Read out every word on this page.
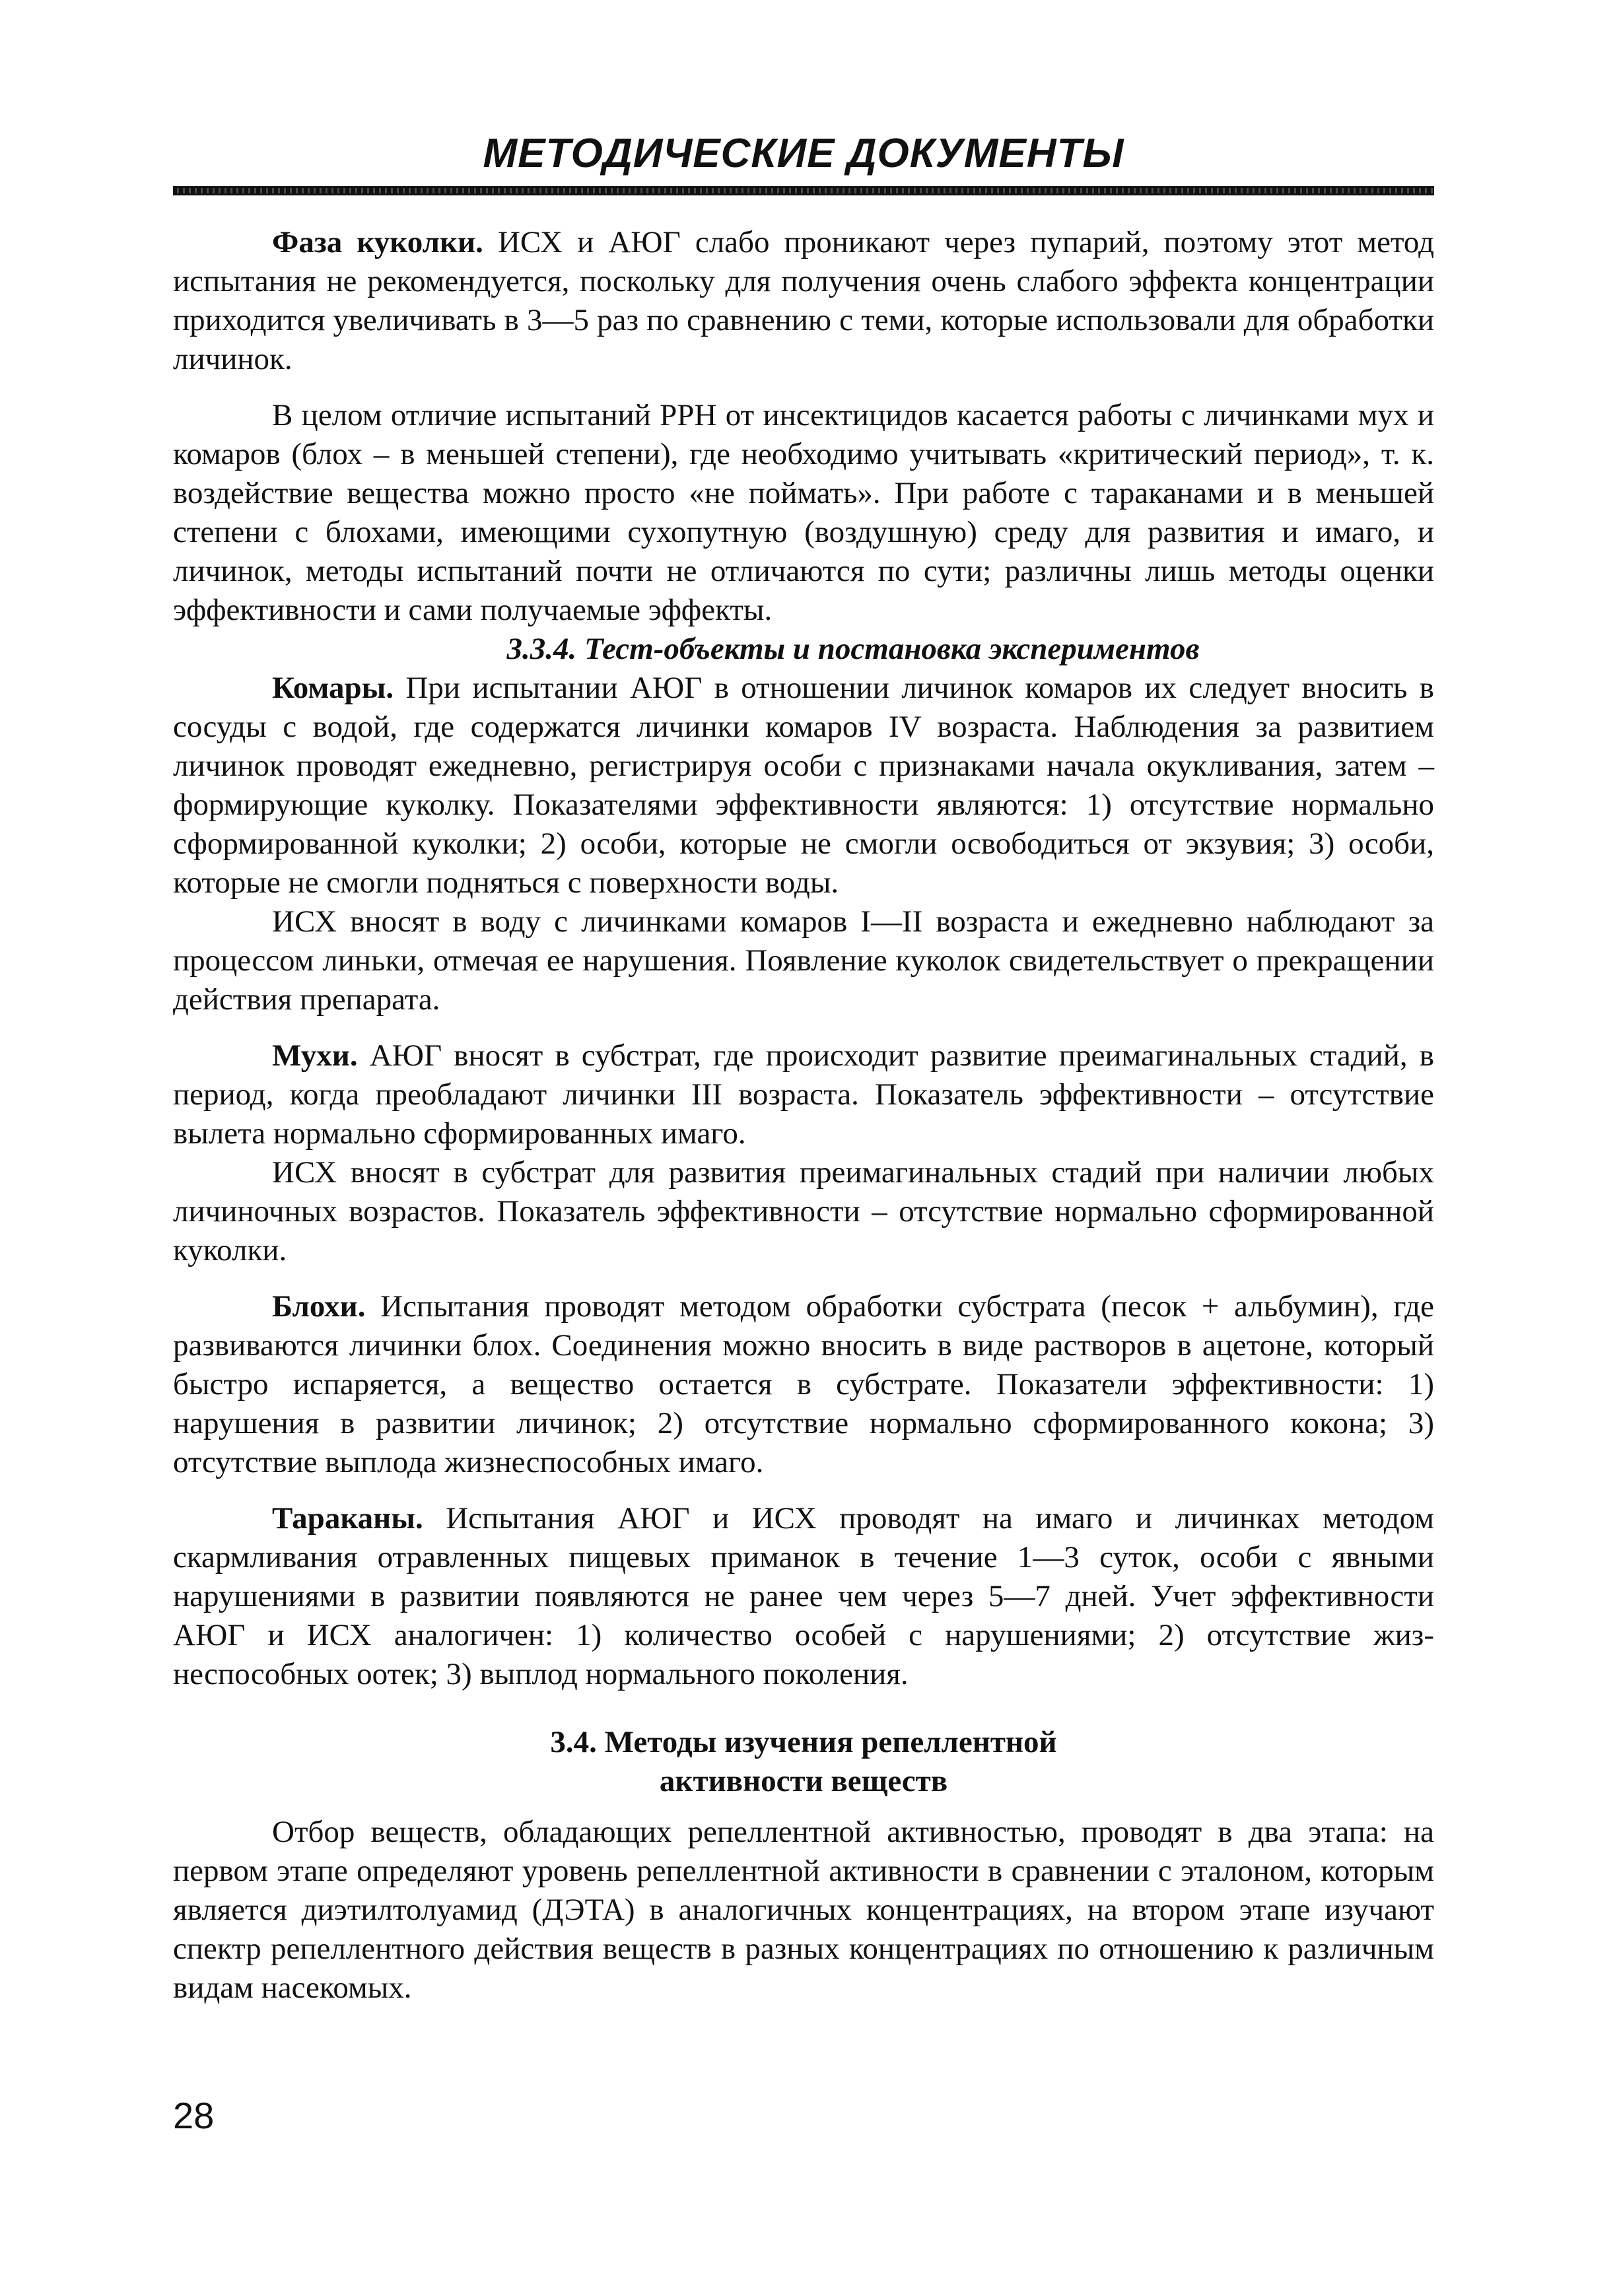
МЕТОДИЧЕСКИЕ ДОКУМЕНТЫ

Фаза куколки. ИСХ и АЮГ слабо проникают через пупарий, поэтому этот метод испытания не рекомендуется, поскольку для получения очень слабого эффекта концентрации приходится увеличивать в 3—5 раз по сравнению с теми, которые использовали для обработки личинок.

В целом отличие испытаний РРН от инсектицидов касается работы с личинками мух и комаров (блох – в меньшей степени), где необходимо учитывать «критический период», т. к. воздействие вещества можно просто «не поймать». При работе с тараканами и в меньшей степени с блохами, имеющими сухопутную (воздушную) среду для развития и имаго, и личинок, методы испытаний почти не отличаются по сути; различны лишь методы оценки эффективности и сами получаемые эффекты.

3.3.4. Тест-объекты и постановка экспериментов

Комары. При испытании АЮГ в отношении личинок комаров их следует вносить в сосуды с водой, где содержатся личинки комаров IV возраста. Наблюдения за развитием личинок проводят ежедневно, регистрируя особи с признаками начала окукливания, затем – формирующие куколку. Показателями эффективности являются: 1) отсутствие нормально сформированной куколки; 2) особи, которые не смогли освободиться от экзувия; 3) особи, которые не смогли подняться с поверхности воды.

ИСХ вносят в воду с личинками комаров I—II возраста и ежедневно наблюдают за процессом линьки, отмечая ее нарушения. Появление куколок свидетельствует о прекращении действия препарата.

Мухи. АЮГ вносят в субстрат, где происходит развитие преимагинальных стадий, в период, когда преобладают личинки III возраста. Показатель эффективности – отсутствие вылета нормально сформированных имаго.

ИСХ вносят в субстрат для развития преимагинальных стадий при наличии любых личиночных возрастов. Показатель эффективности – отсутствие нормально сформированной куколки.

Блохи. Испытания проводят методом обработки субстрата (песок + альбумин), где развиваются личинки блох. Соединения можно вносить в виде растворов в ацетоне, который быстро испаряется, а вещество остается в субстрате. Показатели эффективности: 1) нарушения в развитии личинок; 2) отсутствие нормально сформированного кокона; 3) отсутствие выплода жизнеспособных имаго.

Тараканы. Испытания АЮГ и ИСХ проводят на имаго и личинках методом скармливания отравленных пищевых приманок в течение 1—3 суток, особи с явными нарушениями в развитии появляются не ранее чем через 5—7 дней. Учет эффективности АЮГ и ИСХ аналогичен: 1) количество особей с нарушениями; 2) отсутствие жизнеспособных оотек; 3) выплод нормального поколения.

3.4. Методы изучения репеллентной
активности веществ

Отбор веществ, обладающих репеллентной активностью, проводят в два этапа: на первом этапе определяют уровень репеллентной активности в сравнении с эталоном, которым является диэтилтолуамид (ДЭТА) в аналогичных концентрациях, на втором этапе изучают спектр репеллентного действия веществ в разных концентрациях по отношению к различным видам насекомых.

28
